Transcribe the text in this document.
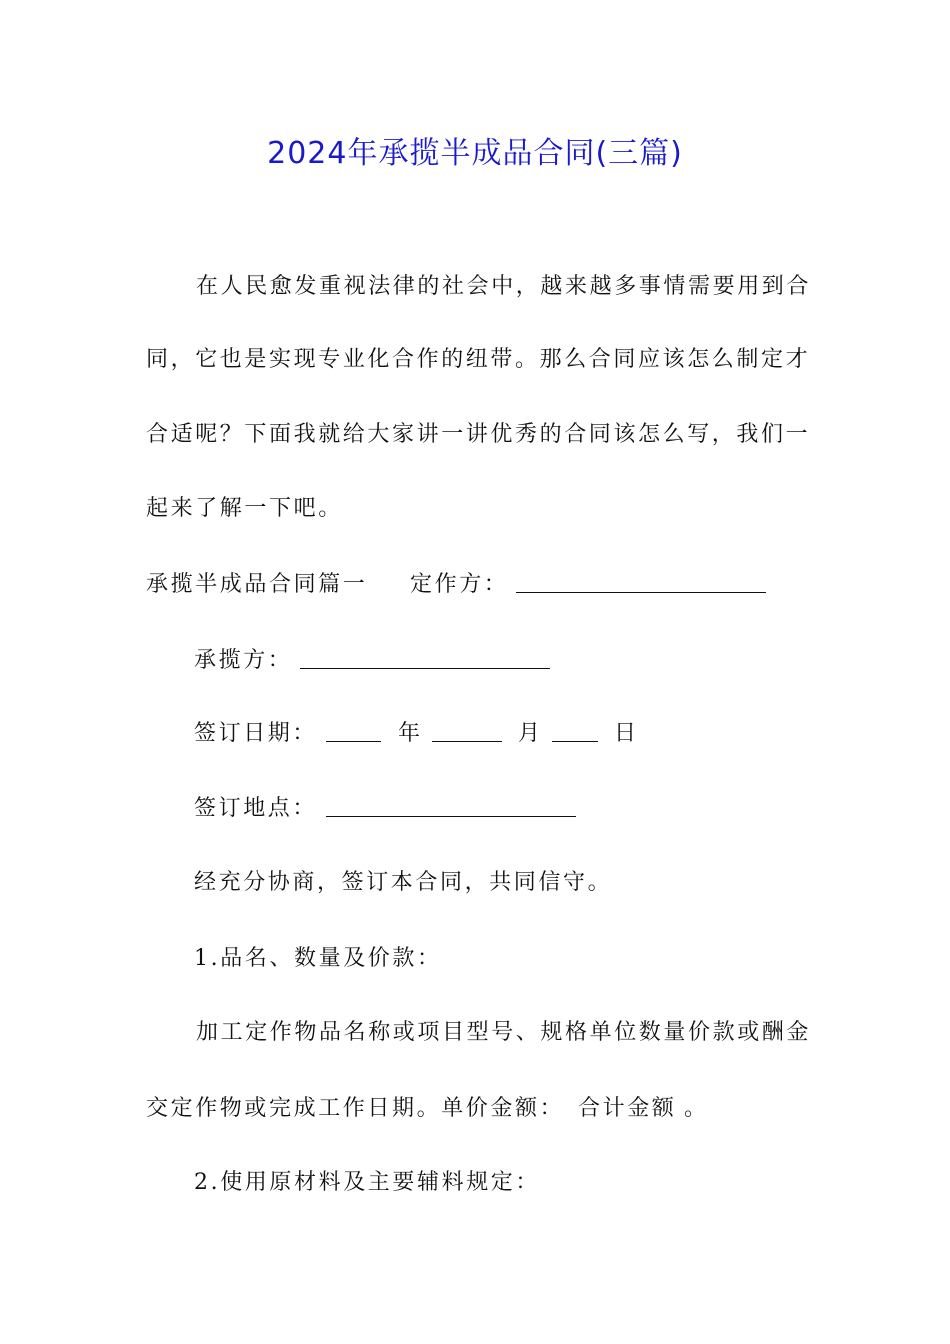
2024年承揽半成品合同(三篇)
在人民愈发重视法律的社会中，越来越多事情需要用到合
同，它也是实现专业化合作的纽带。那么合同应该怎么制定才
合适呢？下面我就给大家讲一讲优秀的合同该怎么写，我们一
起来了解一下吧。
承揽半成品合同篇一 定作方：
承揽方：
签订日期：	年	月	日
签订地点：
经充分协商，签订本合同，共同信守。
1.品名、数量及价款：
加工定作物品名称或项目型号、规格单位数量价款或酬金
交定作物或完成工作日期。单价金额： 合计金额 。
2.使用原材料及主要辅料规定：
